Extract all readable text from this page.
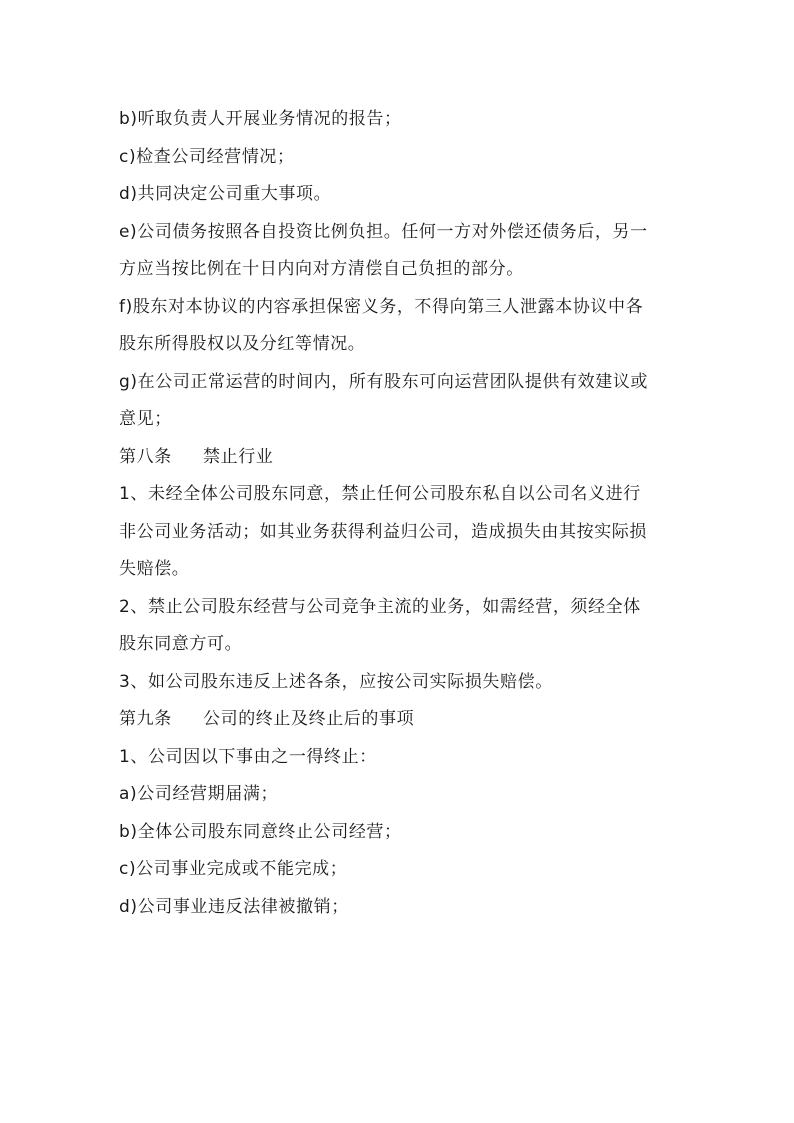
b)听取负责人开展业务情况的报告；

c)检查公司经营情况；

d)共同决定公司重大事项。

e)公司债务按照各自投资比例负担。任何一方对外偿还债务后，另一

方应当按比例在十日内向对方清偿自己负担的部分。

f)股东对本协议的内容承担保密义务，不得向第三人泄露本协议中各

股东所得股权以及分红等情况。

g)在公司正常运营的时间内，所有股东可向运营团队提供有效建议或

意见；

第八条 禁止行业

1、未经全体公司股东同意，禁止任何公司股东私自以公司名义进行

非公司业务活动；如其业务获得利益归公司，造成损失由其按实际损

失赔偿。

2、禁止公司股东经营与公司竞争主流的业务，如需经营，须经全体

股东同意方可。

3、如公司股东违反上述各条，应按公司实际损失赔偿。

第九条 公司的终止及终止后的事项

1、公司因以下事由之一得终止：

a)公司经营期届满；

b)全体公司股东同意终止公司经营；

c)公司事业完成或不能完成；

d)公司事业违反法律被撤销；
